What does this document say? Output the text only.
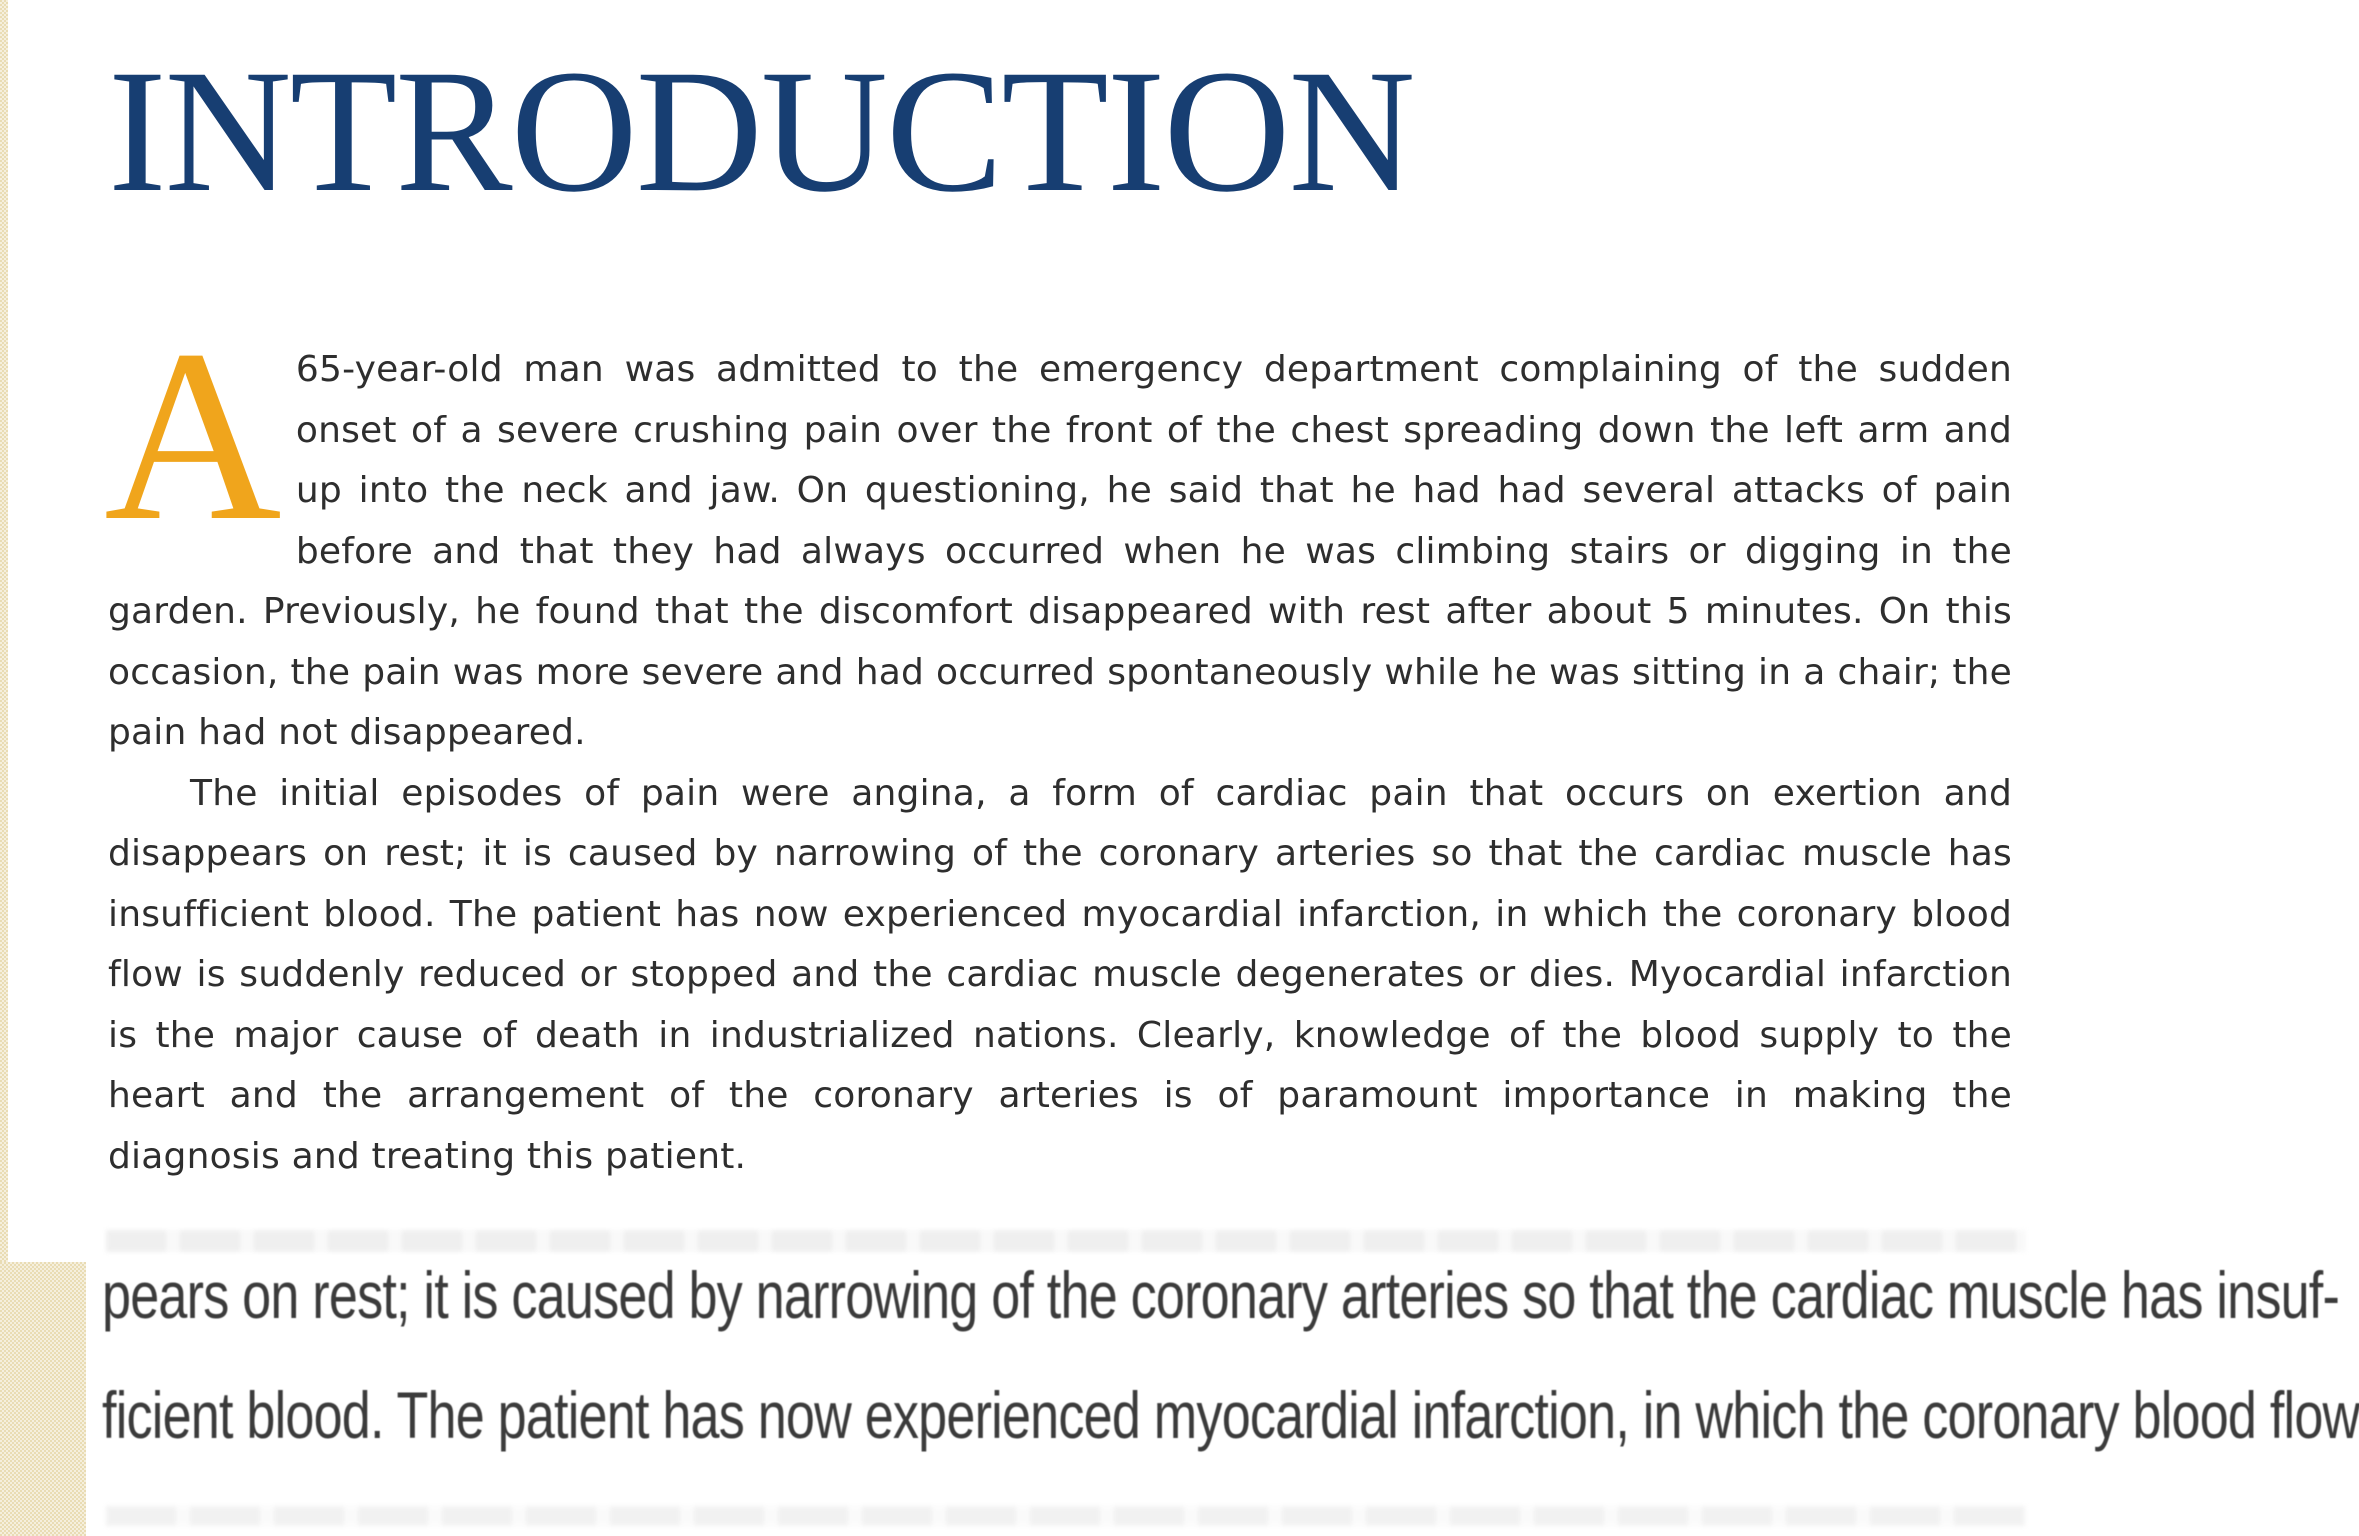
INTRODUCTION

A 65-year-old man was admitted to the emergency department complaining of the sudden onset of a severe crushing pain over the front of the chest spreading down the left arm and up into the neck and jaw. On questioning, he said that he had had several attacks of pain before and that they had always occurred when he was climbing stairs or digging in the garden. Previously, he found that the discomfort disappeared with rest after about 5 minutes. On this occasion, the pain was more severe and had occurred spontaneously while he was sitting in a chair; the pain had not disappeared.

The initial episodes of pain were angina, a form of cardiac pain that occurs on exertion and disappears on rest; it is caused by narrowing of the coronary arteries so that the cardiac muscle has insufficient blood. The patient has now experienced myocardial infarction, in which the coronary blood flow is suddenly reduced or stopped and the cardiac muscle degenerates or dies. Myocardial infarction is the major cause of death in industrialized nations. Clearly, knowledge of the blood supply to the heart and the arrangement of the coronary arteries is of paramount importance in making the diagnosis and treating this patient.

pears on rest; it is caused by narrowing of the coronary arteries so that the cardiac muscle has insuf-

ficient blood. The patient has now experienced myocardial infarction, in which the coronary blood flow
